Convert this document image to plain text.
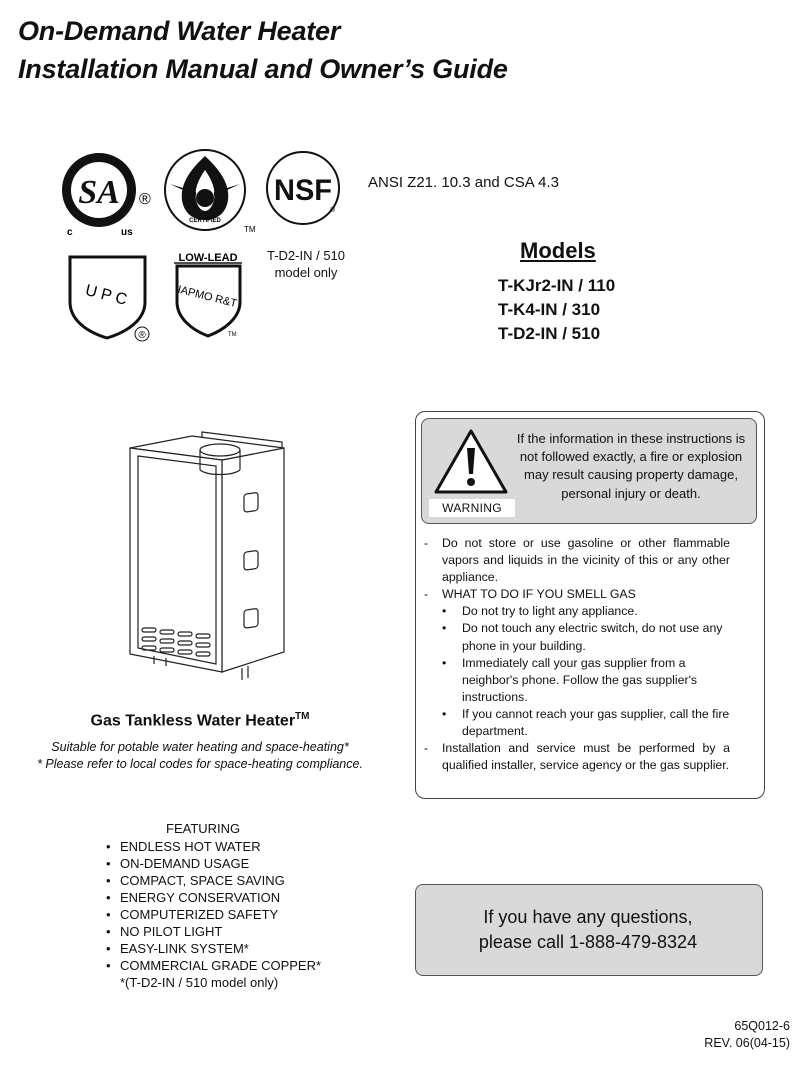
On-Demand Water Heater
Installation Manual and Owner’s Guide
SA
c	us
®
CERTIFIED
TM
NSF
®
ANSI Z21. 10.3 and CSA 4.3
U P C
®
LOW-LEAD
IAPMO R&T
TM
T-D2-IN / 510
model only
Models
T-KJr2-IN / 110
T-K4-IN / 310
T-D2-IN / 510
Gas Tankless Water Heater™
Suitable for potable water heating and space-heating*
* Please refer to local codes for space-heating compliance.
WARNING
If the information in these instructions is not followed exactly, a fire or explosion may result causing property damage, personal injury or death.
- Do not store or use gasoline or other flammable vapors and liquids in the vicinity of this or any other appliance.
- WHAT TO DO IF YOU SMELL GAS
• Do not try to light any appliance.
• Do not touch any electric switch, do not use any phone in your building.
• Immediately call your gas supplier from a neighbor's phone. Follow the gas supplier's instructions.
• If you cannot reach your gas supplier, call the fire department.
- Installation and service must be performed by a qualified installer, service agency or the gas supplier.
FEATURING
• ENDLESS HOT WATER
• ON-DEMAND USAGE
• COMPACT, SPACE SAVING
• ENERGY CONSERVATION
• COMPUTERIZED SAFETY
• NO PILOT LIGHT
• EASY-LINK SYSTEM*
• COMMERCIAL GRADE COPPER*
*(T-D2-IN / 510 model only)
If you have any questions,
please call 1-888-479-8324
65Q012-6
REV. 06(04-15)
